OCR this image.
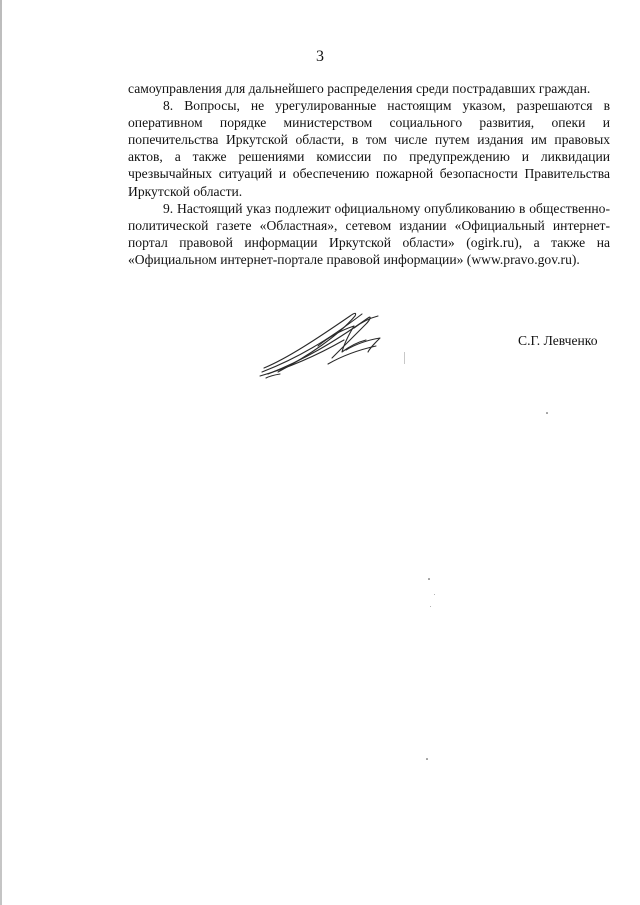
3

самоуправления для дальнейшего распределения среди пострадавших граждан.

8. Вопросы, не урегулированные настоящим указом, разрешаются в оперативном порядке министерством социального развития, опеки и попечительства Иркутской области, в том числе путем издания им правовых актов, а также решениями комиссии по предупреждению и ликвидации чрезвычайных ситуаций и обеспечению пожарной безопасности Правительства Иркутской области.

9. Настоящий указ подлежит официальному опубликованию в общественно-политической газете «Областная», сетевом издании «Официальный интернет-портал правовой информации Иркутской области» (ogirk.ru), а также на «Официальном интернет-портале правовой информации» (www.pravo.gov.ru).

С.Г. Левченко
